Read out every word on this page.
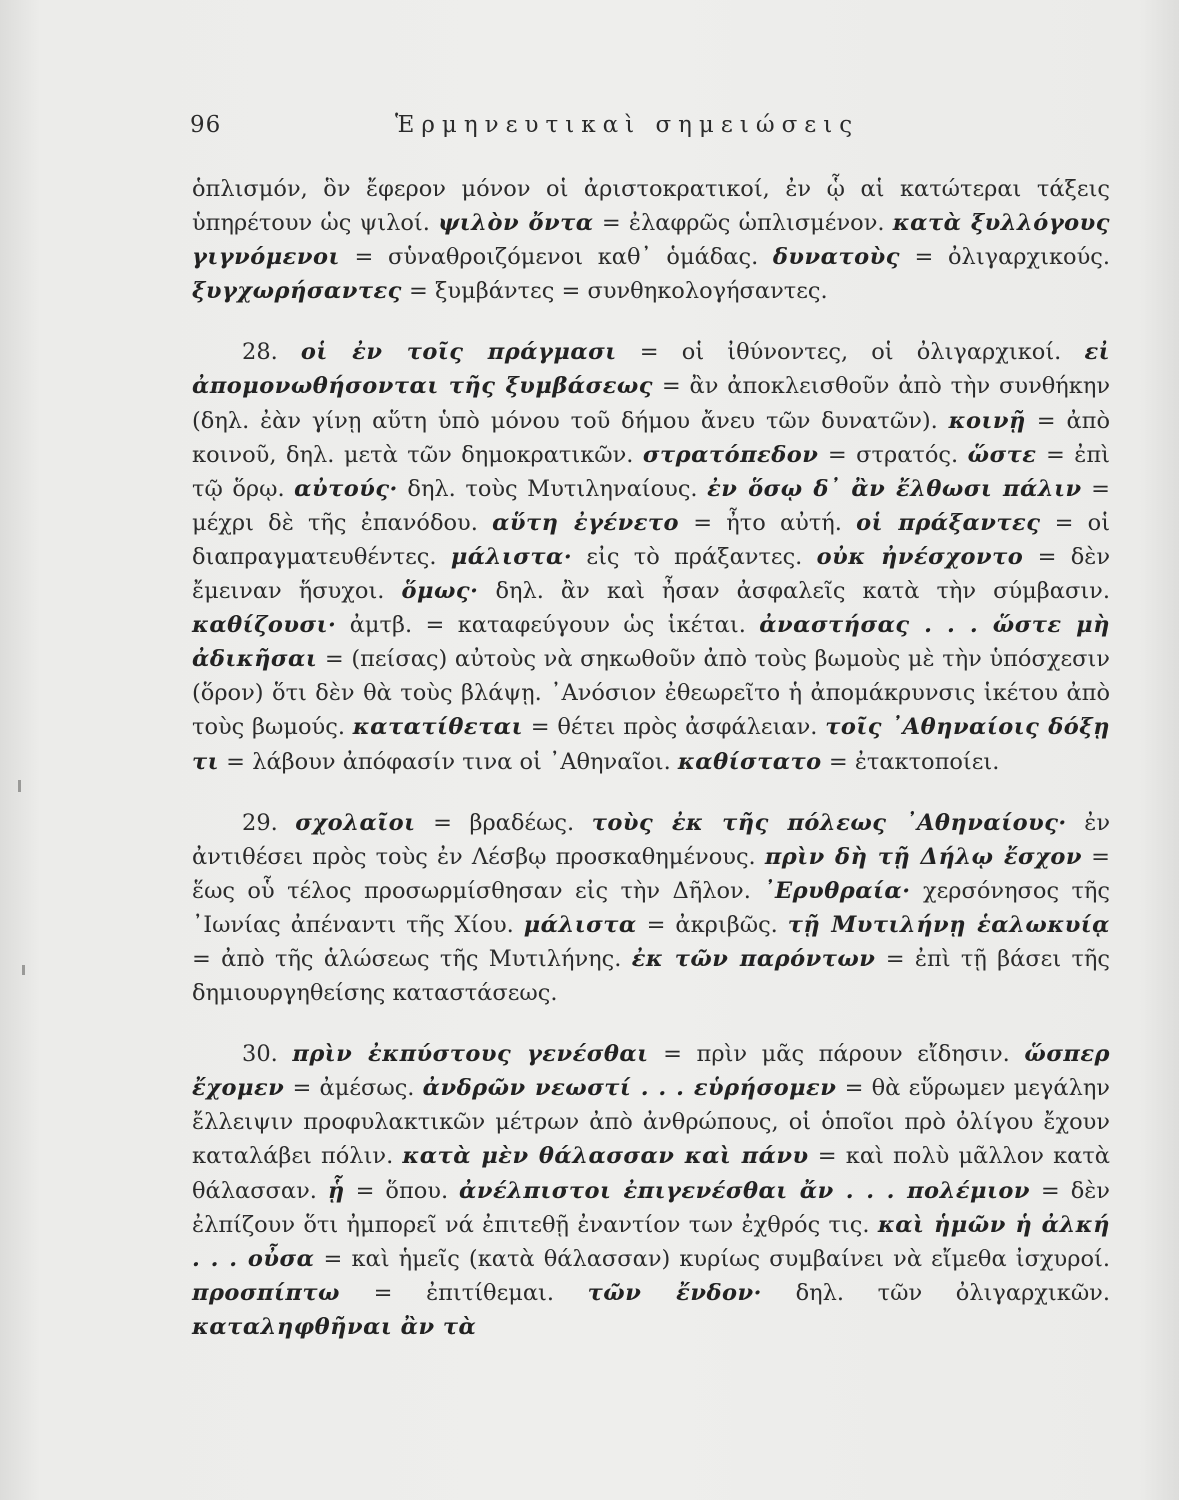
96	Ἑρμηνευτικαὶ σημειώσεις

ὁπλισμόν, ὃν ἔφερον μόνον οἱ ἀριστοκρατικοί, ἐν ᾧ αἱ κατώτεραι τάξεις ὑπηρέτουν ὡς ψιλοί. ψιλὸν ὄντα = ἐλαφρῶς ὡπλισμένον. κατὰ ξυλλόγους γιγνόμενοι = σὑναθροιζόμενοι καθ᾿ ὁμάδας. δυνατοὺς = ὀλιγαρχικούς. ξυγχωρήσαντες = ξυμβάντες = συνθηκολογήσαντες.

28. οἱ ἐν τοῖς πράγμασι = οἱ ἰθύνοντες, οἱ ὀλιγαρχικοί. εἰ ἀπομονωθήσονται τῆς ξυμβάσεως = ἂν ἀποκλεισθοῦν ἀπὸ τὴν συνθήκην (δηλ. ἐὰν γίνῃ αὕτη ὑπὸ μόνου τοῦ δήμου ἄνευ τῶν δυνατῶν). κοινῇ = ἀπὸ κοινοῦ, δηλ. μετὰ τῶν δημοκρατικῶν. στρατόπεδον = στρατός. ὥστε = ἐπὶ τῷ ὅρῳ. αὐτούς· δηλ. τοὺς Μυτιληναίους. ἐν ὅσῳ δ᾿ ἂν ἔλθωσι πάλιν = μέχρι δὲ τῆς ἐπανόδου. αὕτη ἐγένετο = ἦτο αὐτή. οἱ πράξαντες = οἱ διαπραγματευθέντες. μάλιστα· εἰς τὸ πράξαντες. οὐκ ἠνέσχοντο = δὲν ἔμειναν ἥσυχοι. ὅμως· δηλ. ἂν καὶ ἦσαν ἀσφαλεῖς κατὰ τὴν σύμβασιν. καθίζουσι· ἀμτβ. = καταφεύγουν ὡς ἱκέται. ἀναστήσας . . . ὥστε μὴ ἀδικῆσαι = (πείσας) αὐτοὺς νὰ σηκωθοῦν ἀπὸ τοὺς βωμοὺς μὲ τὴν ὑπόσχεσιν (ὅρον) ὅτι δὲν θὰ τοὺς βλάψῃ. ᾿Ανόσιον ἐθεωρεῖτο ἡ ἀπομάκρυνσις ἱκέτου ἀπὸ τοὺς βωμούς. κατατίθεται = θέτει πρὸς ἀσφάλειαν. τοῖς ᾿Αθηναίοις δόξῃ τι = λάβουν ἀπόφασίν τινα οἱ ᾿Αθηναῖοι. καθίστατο = ἐτακτοποίει.

29. σχολαῖοι = βραδέως. τοὺς ἐκ τῆς πόλεως ᾿Αθηναίους· ἐν ἀντιθέσει πρὸς τοὺς ἐν Λέσβῳ προσκαθημένους. πρὶν δὴ τῇ Δήλῳ ἔσχον = ἕως οὗ τέλος προσωρμίσθησαν εἰς τὴν Δῆλον. ᾿Ερυθραία· χερσόνησος τῆς ᾿Ιωνίας ἀπέναντι τῆς Χίου. μάλιστα = ἀκριβῶς. τῇ Μυτιλήνῃ ἑαλωκυίᾳ = ἀπὸ τῆς ἁλώσεως τῆς Μυτιλήνης. ἐκ τῶν παρόντων = ἐπὶ τῇ βάσει τῆς δημιουργηθείσης καταστάσεως.

30. πρὶν ἐκπύστους γενέσθαι = πρὶν μᾶς πάρουν εἴδησιν. ὥσπερ ἔχομεν = ἀμέσως. ἀνδρῶν νεωστί . . . εὑρήσομεν = θὰ εὕρωμεν μεγάλην ἔλλειψιν προφυλακτικῶν μέτρων ἀπὸ ἀνθρώπους, οἱ ὁποῖοι πρὸ ὀλίγου ἔχουν καταλάβει πόλιν. κατὰ μὲν θάλασσαν καὶ πάνυ = καὶ πολὺ μᾶλλον κατὰ θάλασσαν. ᾗ = ὅπου. ἀνέλπιστοι ἐπιγενέσθαι ἄν . . . πολέμιον = δὲν ἐλπίζουν ὅτι ἠμπορεῖ νά ἐπιτεθῇ ἐναντίον των ἐχθρός τις. καὶ ἡμῶν ἡ ἀλκή . . . οὖσα = καὶ ἡμεῖς (κατὰ θάλασσαν) κυρίως συμβαίνει νὰ εἴμεθα ἰσχυροί. προσπίπτω = ἐπιτίθεμαι. τῶν ἔνδον· δηλ. τῶν ὀλιγαρχικῶν. καταληφθῆναι ἂν τὰ
